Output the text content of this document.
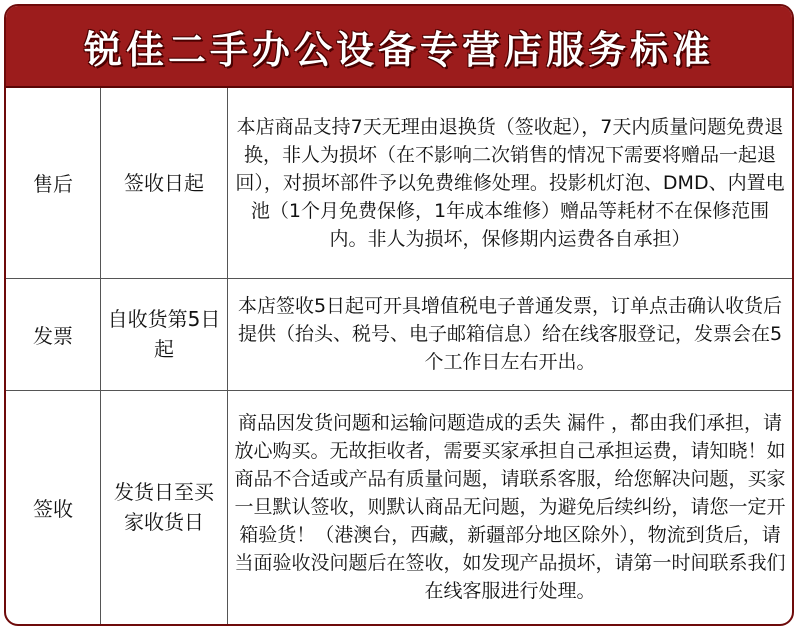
锐佳二手办公设备专营店服务标准
售后	签收日起	本店商品支持7天无理由退换货（签收起），7天内质量问题免费退换，非人为损坏（在不影响二次销售的情况下需要将赠品一起退回），对损坏部件予以免费维修处理。投影机灯泡、DMD、内置电池（1个月免费保修，1年成本维修）赠品等耗材不在保修范围内。非人为损坏，保修期内运费各自承担）
发票	自收货第5日起	本店签收5日起可开具增值税电子普通发票，订单点击确认收货后提供（抬头、税号、电子邮箱信息）给在线客服登记，发票会在5个工作日左右开出。
签收	发货日至买家收货日	商品因发货问题和运输问题造成的丢失 漏件 ，都由我们承担，请放心购买。无故拒收者，需要买家承担自己承担运费，请知晓！如商品不合适或产品有质量问题，请联系客服，给您解决问题，买家一旦默认签收，则默认商品无问题，为避免后续纠纷，请您一定开箱验货！（港澳台，西藏，新疆部分地区除外），物流到货后，请当面验收没问题后在签收，如发现产品损坏，请第一时间联系我们在线客服进行处理。
